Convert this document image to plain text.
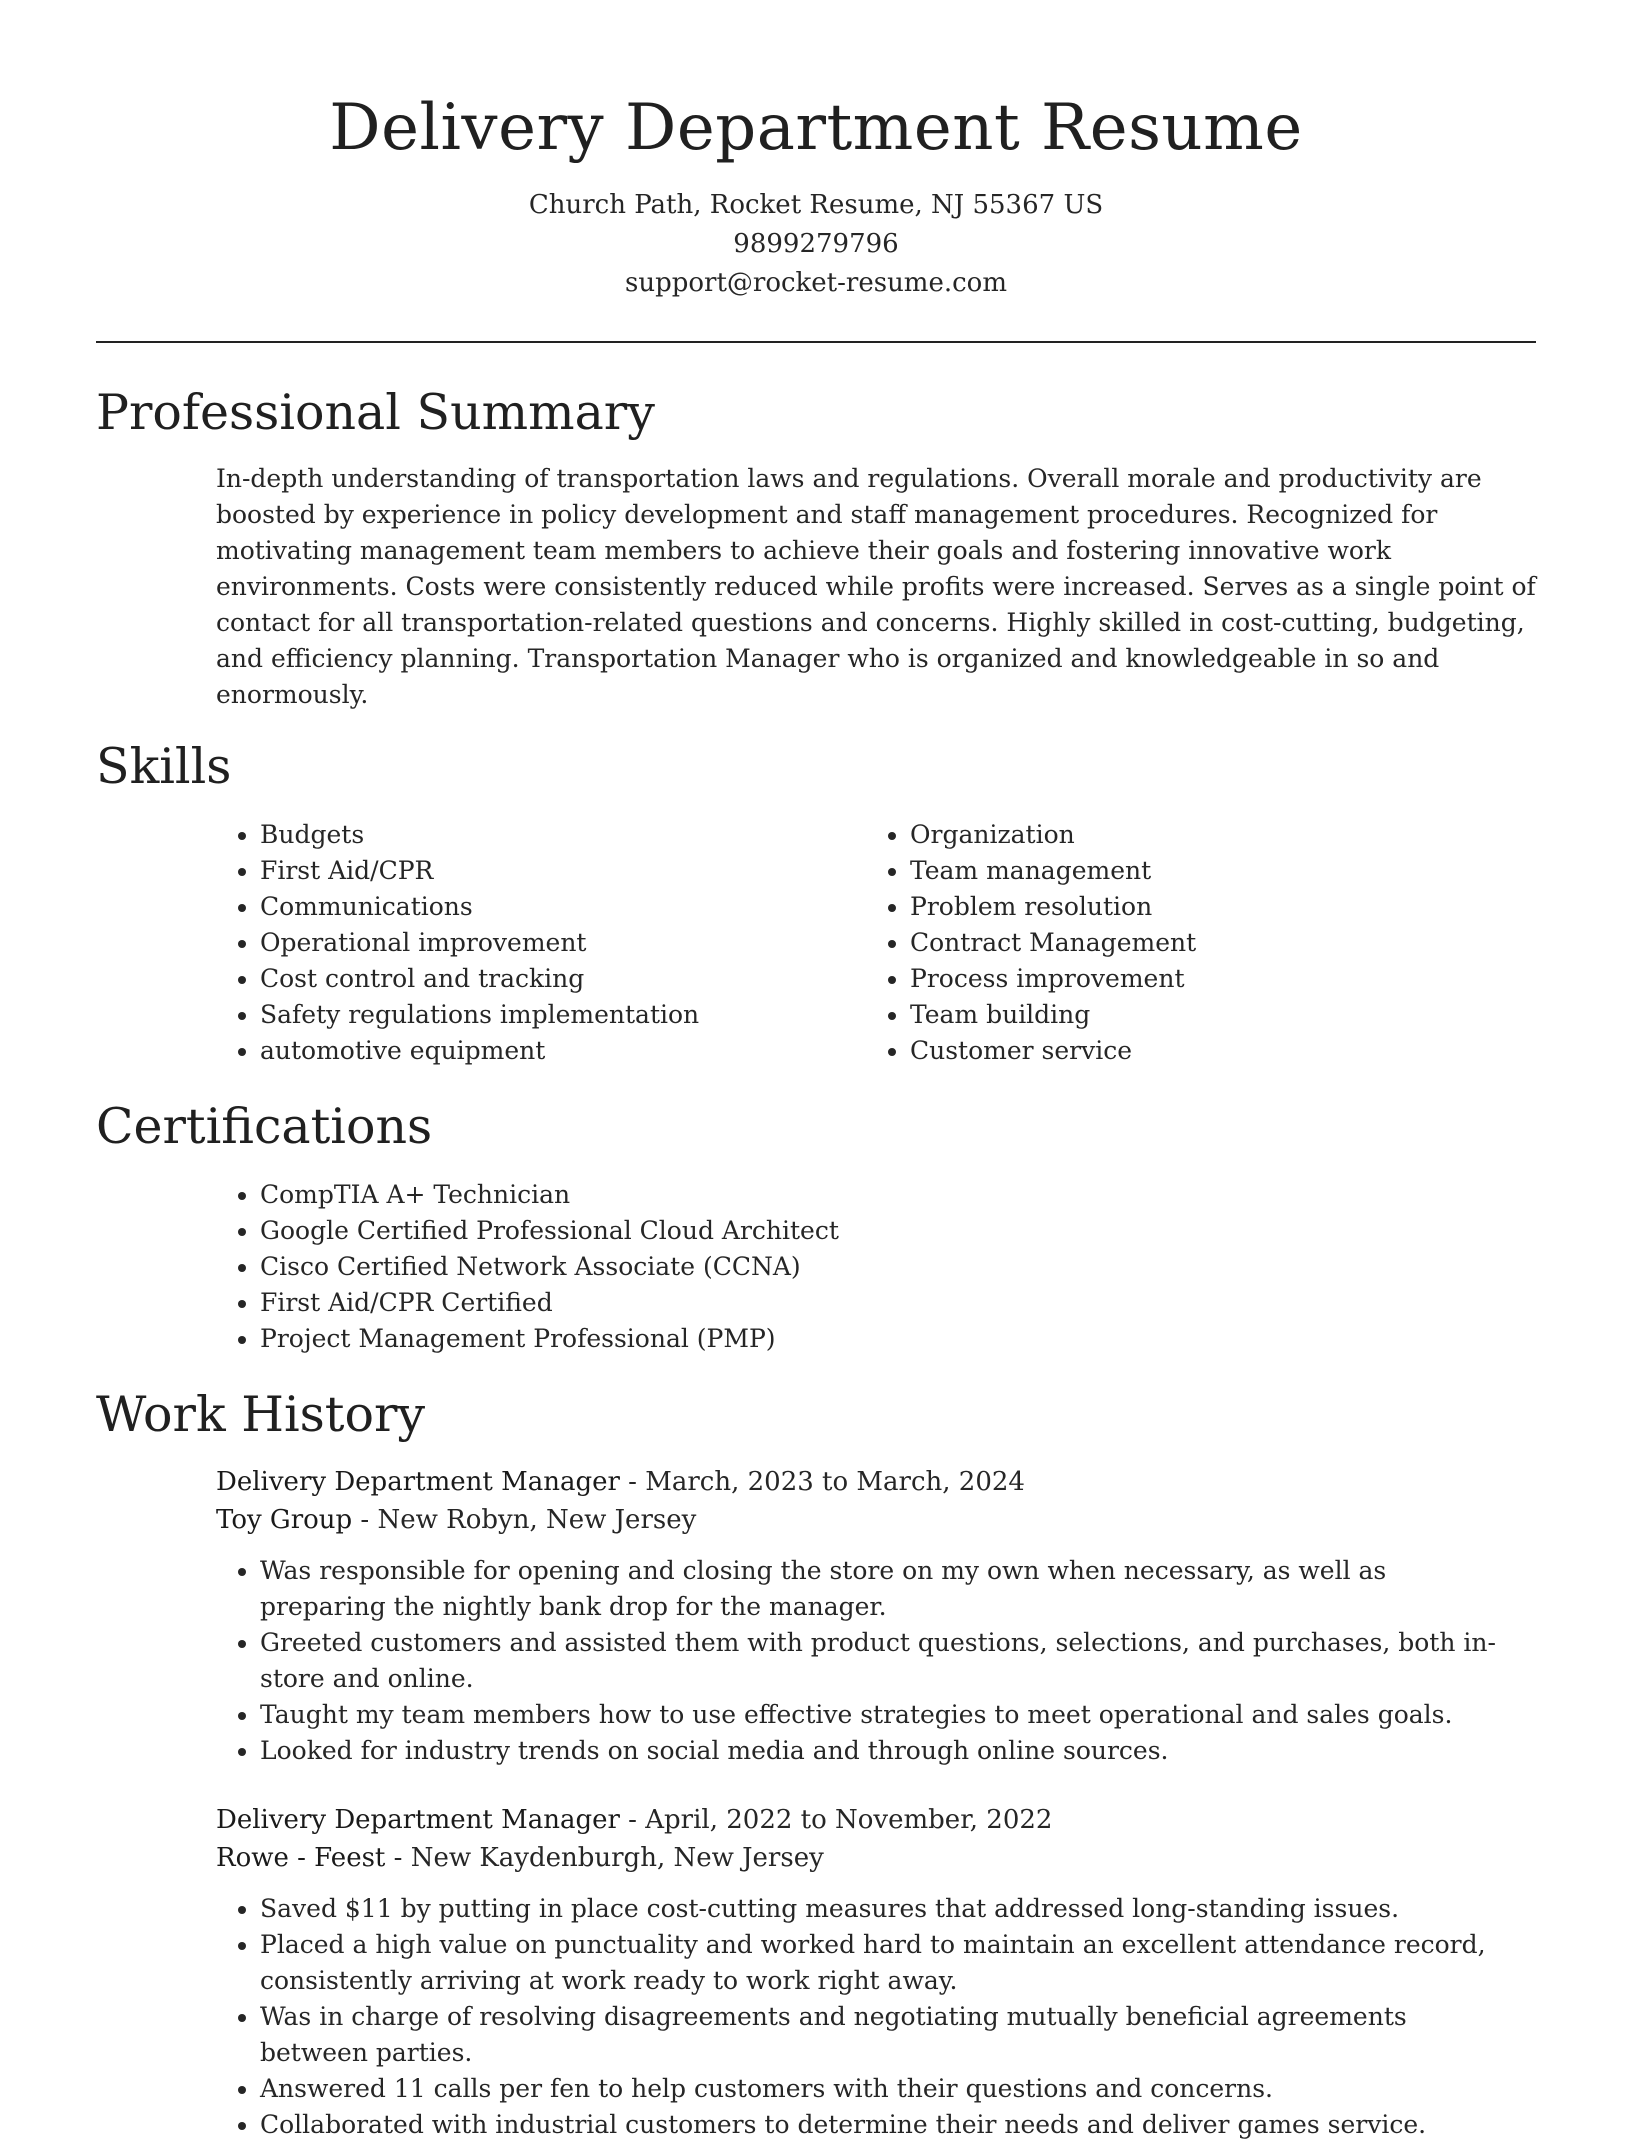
Delivery Department Resume
Church Path, Rocket Resume, NJ 55367 US
9899279796
support@rocket-resume.com
Professional Summary

In-depth understanding of transportation laws and regulations. Overall morale and productivity are boosted by experience in policy development and staff management procedures. Recognized for motivating management team members to achieve their goals and fostering innovative work environments. Costs were consistently reduced while profits were increased. Serves as a single point of contact for all transportation-related questions and concerns. Highly skilled in cost-cutting, budgeting, and efficiency planning. Transportation Manager who is organized and knowledgeable in so and enormously.

Skills
• Budgets
• First Aid/CPR
• Communications
• Operational improvement
• Cost control and tracking
• Safety regulations implementation
• automotive equipment
• Organization
• Team management
• Problem resolution
• Contract Management
• Process improvement
• Team building
• Customer service
Certifications
• CompTIA A+ Technician
• Google Certified Professional Cloud Architect
• Cisco Certified Network Associate (CCNA)
• First Aid/CPR Certified
• Project Management Professional (PMP)
Work History
Delivery Department Manager - March, 2023 to March, 2024
Toy Group - New Robyn, New Jersey
• Was responsible for opening and closing the store on my own when necessary, as well as preparing the nightly bank drop for the manager.
• Greeted customers and assisted them with product questions, selections, and purchases, both in-store and online.
• Taught my team members how to use effective strategies to meet operational and sales goals.
• Looked for industry trends on social media and through online sources.
Delivery Department Manager - April, 2022 to November, 2022
Rowe - Feest - New Kaydenburgh, New Jersey
• Saved $11 by putting in place cost-cutting measures that addressed long-standing issues.
• Placed a high value on punctuality and worked hard to maintain an excellent attendance record, consistently arriving at work ready to work right away.
• Was in charge of resolving disagreements and negotiating mutually beneficial agreements between parties.
• Answered 11 calls per fen to help customers with their questions and concerns.
• Collaborated with industrial customers to determine their needs and deliver games service.
